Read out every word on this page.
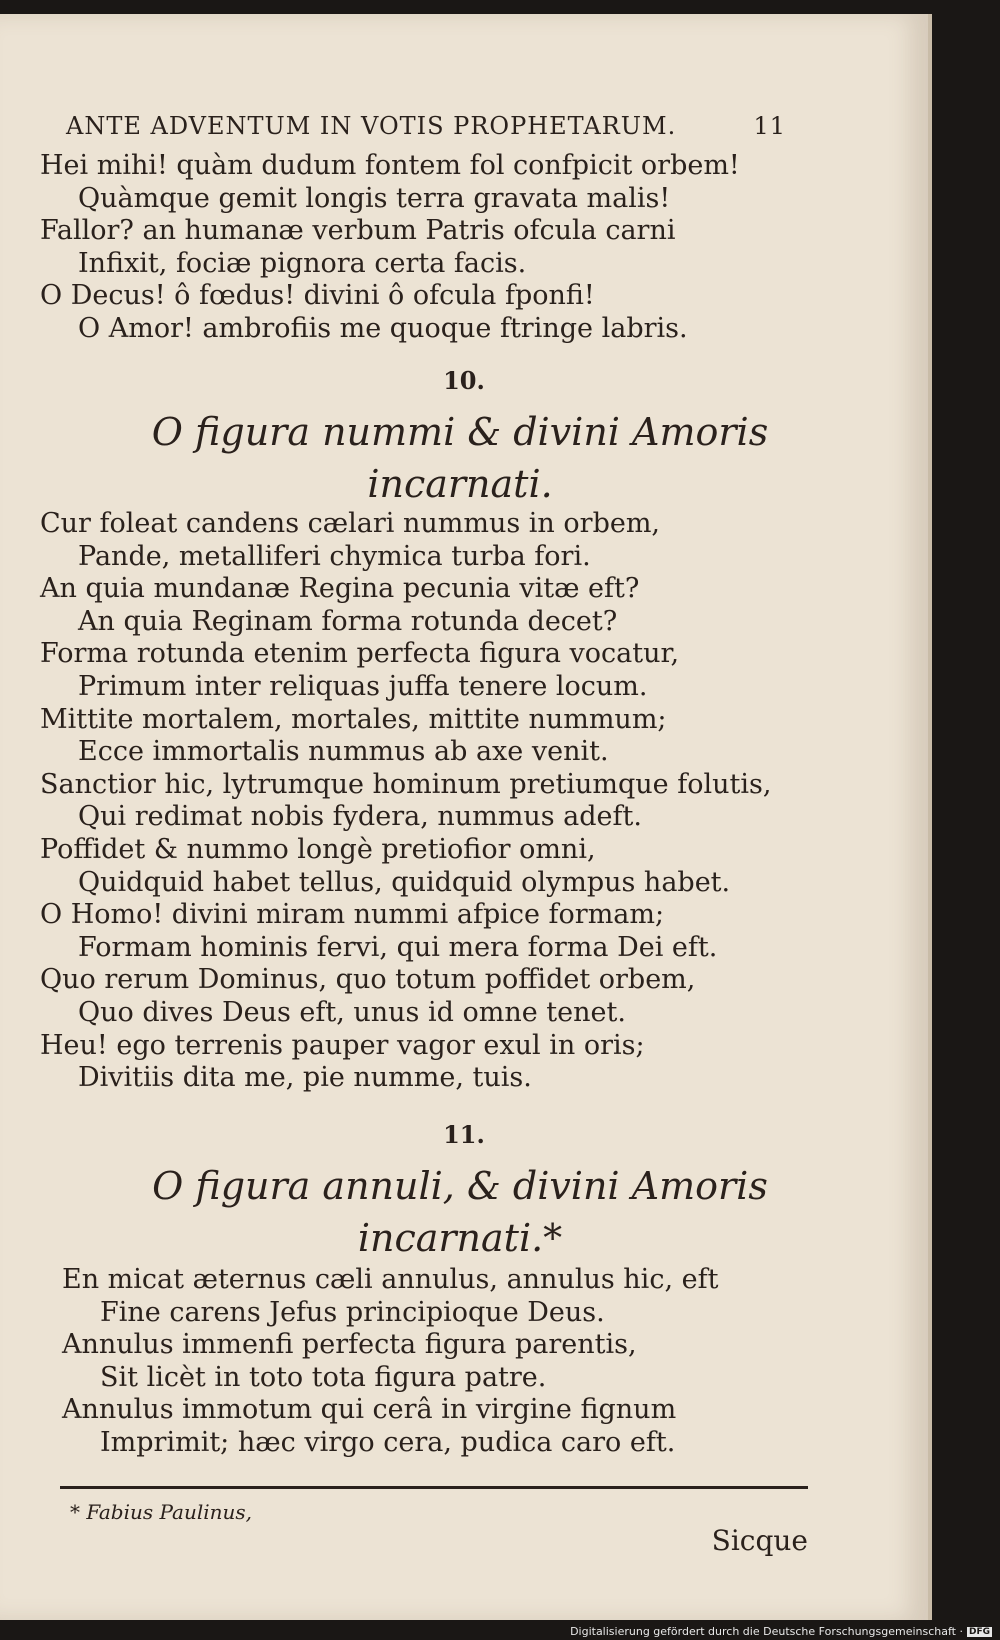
ANTE ADVENTUM IN VOTIS PROPHETARUM.	11
Hei mihi! quàm dudum fontem fol confpicit orbem!
Quàmque gemit longis terra gravata malis!
Fallor? an humanæ verbum Patris ofcula carni
Infixit, fociæ pignora certa facis.
O Decus! ô fœdus! divini ô ofcula fponfi!
O Amor! ambrofiis me quoque ftringe labris.
10.
O figura nummi & divini Amoris
incarnati.
Cur foleat candens cælari nummus in orbem,
Pande, metalliferi chymica turba fori.
An quia mundanæ Regina pecunia vitæ eft?
An quia Reginam forma rotunda decet?
Forma rotunda etenim perfecta figura vocatur,
Primum inter reliquas juffa tenere locum.
Mittite mortalem, mortales, mittite nummum;
Ecce immortalis nummus ab axe venit.
Sanctior hic, lytrumque hominum pretiumque folutis,
Qui redimat nobis fydera, nummus adeft.
Poffidet & nummo longè pretiofior omni,
Quidquid habet tellus, quidquid olympus habet.
O Homo! divini miram nummi afpice formam;
Formam hominis fervi, qui mera forma Dei eft.
Quo rerum Dominus, quo totum poffidet orbem,
Quo dives Deus eft, unus id omne tenet.
Heu! ego terrenis pauper vagor exul in oris;
Divitiis dita me, pie numme, tuis.
11.
O figura annuli, & divini Amoris
incarnati.*
En micat æternus cæli annulus, annulus hic, eft
Fine carens Jefus principioque Deus.
Annulus immenfi perfecta figura parentis,
Sit licèt in toto tota figura patre.
Annulus immotum qui cerâ in virgine fignum
Imprimit; hæc virgo cera, pudica caro eft.
* Fabius Paulinus,
Sicque
Digitalisierung gefördert durch die Deutsche Forschungsgemeinschaft · DFG
